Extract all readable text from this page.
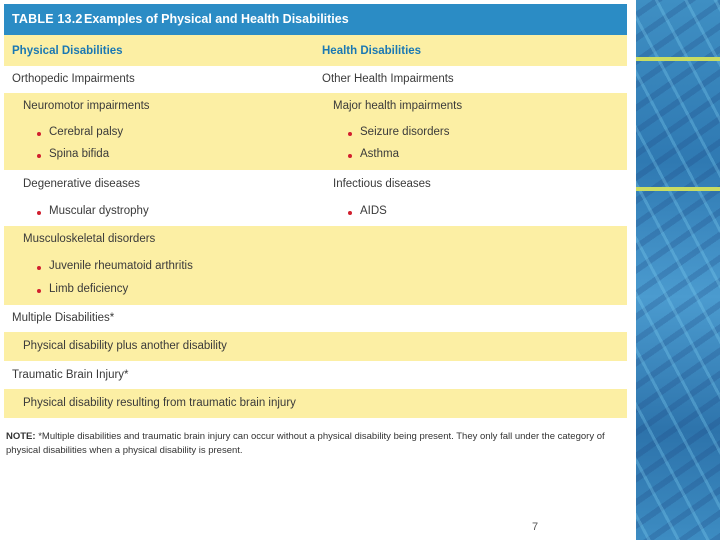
TABLE 13.2 Examples of Physical and Health Disabilities
Physical Disabilities	Health Disabilities
Orthopedic Impairments	Other Health Impairments
Neuromotor impairments	Major health impairments
Cerebral palsy	Seizure disorders
Spina bifida	Asthma
Degenerative diseases	Infectious diseases
Muscular dystrophy	AIDS
Musculoskeletal disorders
Juvenile rheumatoid arthritis
Limb deficiency
Multiple Disabilities*
Physical disability plus another disability
Traumatic Brain Injury*
Physical disability resulting from traumatic brain injury
NOTE: *Multiple disabilities and traumatic brain injury can occur without a physical disability being present. They only fall under the category of
physical disabilities when a physical disability is present.
7
